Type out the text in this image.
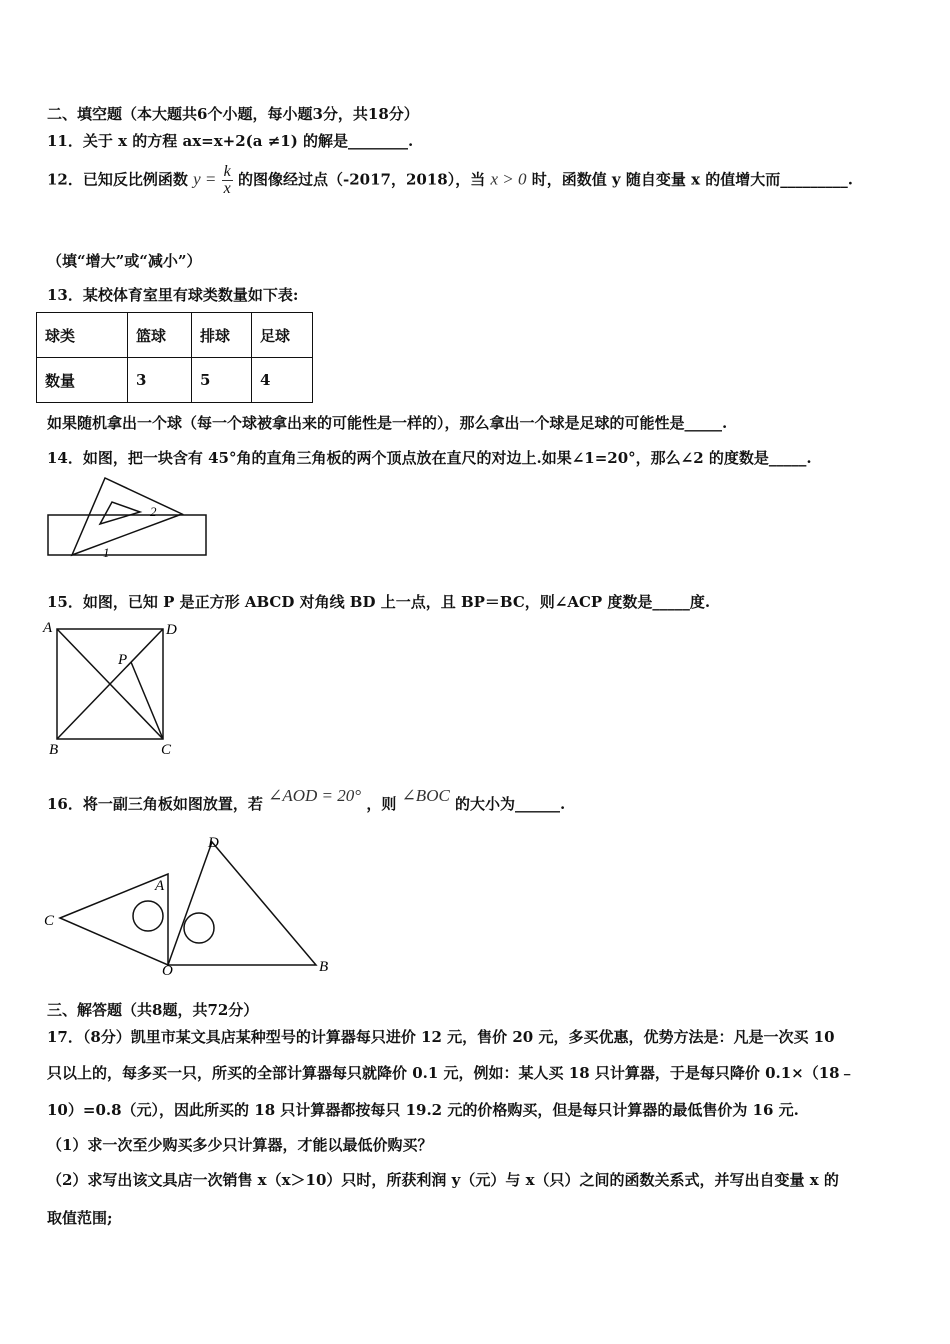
二、填空题（本大题共6个小题，每小题3分，共18分）
11．关于 x 的方程 ax=x+2(a ≠1) 的解是________.
12．已知反比例函数 $y = \frac{k}{x}$ 的图像经过点（-2017，2018），当 x > 0 时，函数值 y 随自变量 x 的值增大而_________.
（填“增大”或“减小”）
13．某校体育室里有球类数量如下表:
球类	篮球	排球	足球
数量	3	5	4
如果随机拿出一个球（每一个球被拿出来的可能性是一样的），那么拿出一个球是足球的可能性是_____.
14．如图，把一块含有 45°角的直角三角板的两个顶点放在直尺的对边上.如果∠1=20°，那么∠2 的度数是_____.
1
2
15．如图，已知 P 是正方形 ABCD 对角线 BD 上一点，且 BP＝BC，则∠ACP 度数是_____度.
A	D
P
B	C
16．将一副三角板如图放置，若 ∠AOD = 20° ，则 ∠BOC 的大小为______.
D
A
C
O	B
三、解答题（共8题，共72分）
17．（8分）凯里市某文具店某种型号的计算器每只进价 12 元，售价 20 元，多买优惠，优势方法是：凡是一次买 10
只以上的，每多买一只，所买的全部计算器每只就降价 0.1 元，例如：某人买 18 只计算器，于是每只降价 0.1×（18﹣
10）=0.8（元），因此所买的 18 只计算器都按每只 19.2 元的价格购买，但是每只计算器的最低售价为 16 元.
（1）求一次至少购买多少只计算器，才能以最低价购买？
（2）求写出该文具店一次销售 x（x＞10）只时，所获利润 y（元）与 x（只）之间的函数关系式，并写出自变量 x 的
取值范围;
